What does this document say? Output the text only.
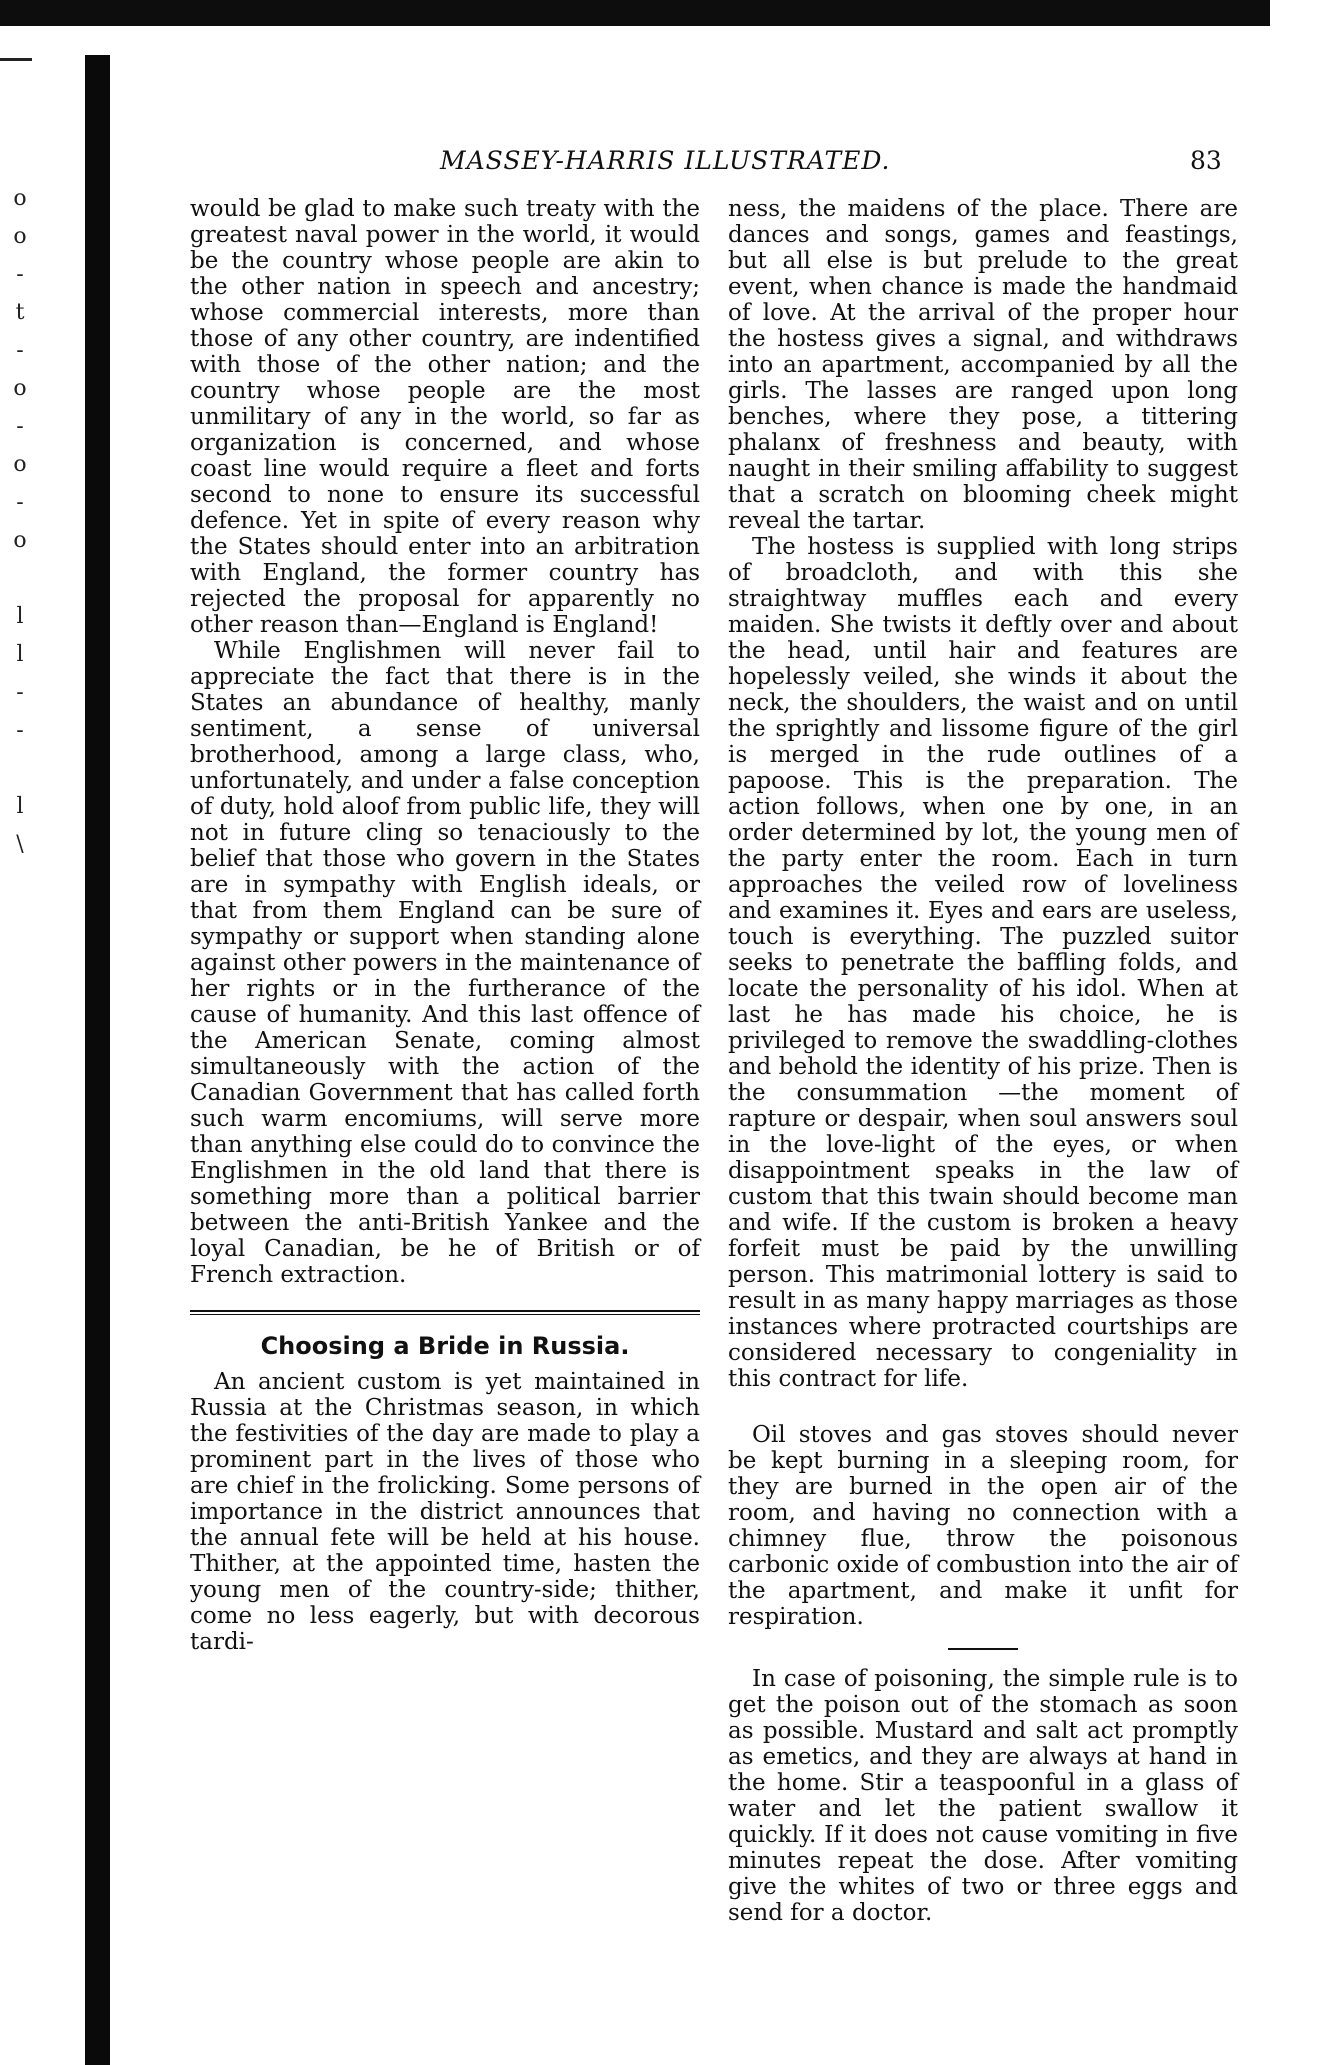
o
o
-
t
-
o
-
o
-
o
l
l
-
-
l
\
MASSEY-HARRIS ILLUSTRATED.	83

would be glad to make such treaty with the greatest naval power in the world, it would be the country whose people are akin to the other nation in speech and ancestry; whose commercial interests, more than those of any other country, are indentified with those of the other nation; and the country whose people are the most unmilitary of any in the world, so far as organization is concerned, and whose coast line would require a fleet and forts second to none to ensure its successful defence. Yet in spite of every reason why the States should enter into an arbitration with England, the former country has rejected the proposal for apparently no other reason than—England is England!

While Englishmen will never fail to appreciate the fact that there is in the States an abundance of healthy, manly sentiment, a sense of universal brotherhood, among a large class, who, unfortunately, and under a false conception of duty, hold aloof from public life, they will not in future cling so tenaciously to the belief that those who govern in the States are in sympathy with English ideals, or that from them England can be sure of sympathy or support when standing alone against other powers in the maintenance of her rights or in the furtherance of the cause of humanity. And this last offence of the American Senate, coming almost simultaneously with the action of the Canadian Government that has called forth such warm encomiums, will serve more than anything else could do to convince the Englishmen in the old land that there is something more than a political barrier between the anti-British Yankee and the loyal Canadian, be he of British or of French extraction.

Choosing a Bride in Russia.

An ancient custom is yet maintained in Russia at the Christmas season, in which the festivities of the day are made to play a prominent part in the lives of those who are chief in the frolicking. Some persons of importance in the district announces that the annual fete will be held at his house. Thither, at the appointed time, hasten the young men of the country-side; thither, come no less eagerly, but with decorous tardi-

ness, the maidens of the place. There are dances and songs, games and feastings, but all else is but prelude to the great event, when chance is made the handmaid of love. At the arrival of the proper hour the hostess gives a signal, and withdraws into an apartment, accompanied by all the girls. The lasses are ranged upon long benches, where they pose, a tittering phalanx of freshness and beauty, with naught in their smiling affability to suggest that a scratch on blooming cheek might reveal the tartar.

The hostess is supplied with long strips of broadcloth, and with this she straightway muffles each and every maiden. She twists it deftly over and about the head, until hair and features are hopelessly veiled, she winds it about the neck, the shoulders, the waist and on until the sprightly and lissome figure of the girl is merged in the rude outlines of a papoose. This is the preparation. The action follows, when one by one, in an order determined by lot, the young men of the party enter the room. Each in turn approaches the veiled row of loveliness and examines it. Eyes and ears are useless, touch is everything. The puzzled suitor seeks to penetrate the baffling folds, and locate the personality of his idol. When at last he has made his choice, he is privileged to remove the swaddling-clothes and behold the identity of his prize. Then is the consummation —the moment of rapture or despair, when soul answers soul in the love-light of the eyes, or when disappointment speaks in the law of custom that this twain should become man and wife. If the custom is broken a heavy forfeit must be paid by the unwilling person. This matrimonial lottery is said to result in as many happy marriages as those instances where protracted courtships are considered necessary to congeniality in this contract for life.

Oil stoves and gas stoves should never be kept burning in a sleeping room, for they are burned in the open air of the room, and having no connection with a chimney flue, throw the poisonous carbonic oxide of combustion into the air of the apartment, and make it unfit for respiration.

In case of poisoning, the simple rule is to get the poison out of the stomach as soon as possible. Mustard and salt act promptly as emetics, and they are always at hand in the home. Stir a teaspoonful in a glass of water and let the patient swallow it quickly. If it does not cause vomiting in five minutes repeat the dose. After vomiting give the whites of two or three eggs and send for a doctor.
